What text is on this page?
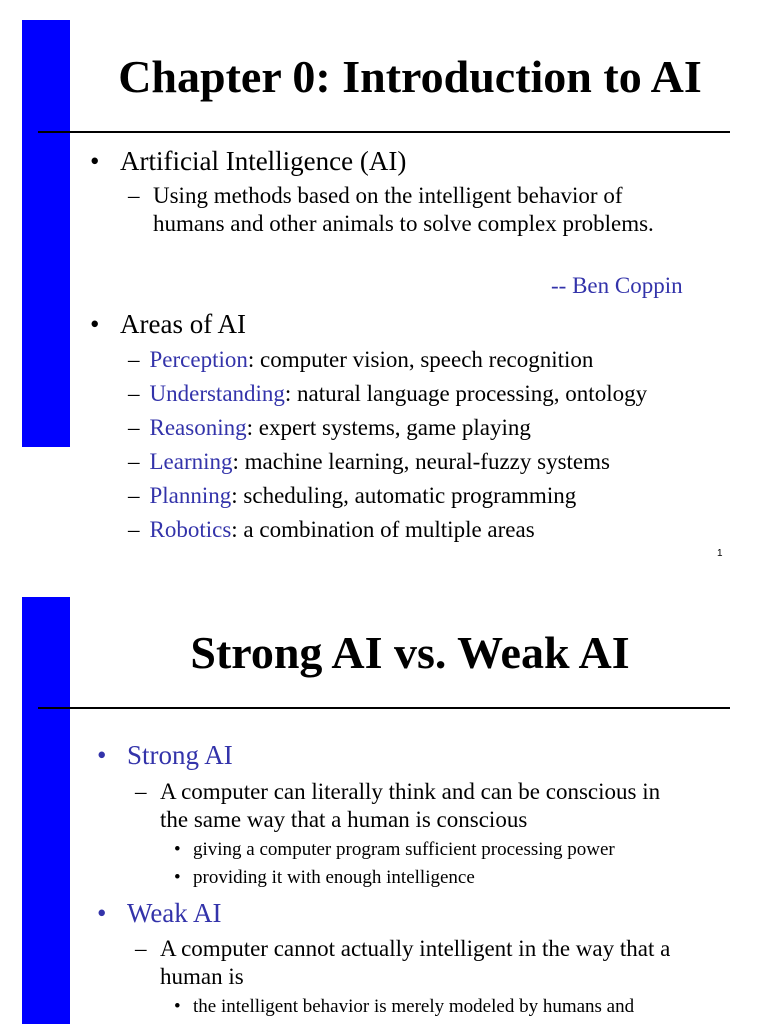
Chapter 0: Introduction to AI
• Artificial Intelligence (AI)
– Using methods based on the intelligent behavior of
humans and other animals to solve complex problems.
-- Ben Coppin
• Areas of AI
– Perception: computer vision, speech recognition
– Understanding: natural language processing, ontology
– Reasoning: expert systems, game playing
– Learning: machine learning, neural-fuzzy systems
– Planning: scheduling, automatic programming
– Robotics: a combination of multiple areas
1
Strong AI vs. Weak AI
• Strong AI
– A computer can literally think and can be conscious in
the same way that a human is conscious
• giving a computer program sufficient processing power
• providing it with enough intelligence
• Weak AI
– A computer cannot actually intelligent in the way that a
human is
• the intelligent behavior is merely modeled by humans and
